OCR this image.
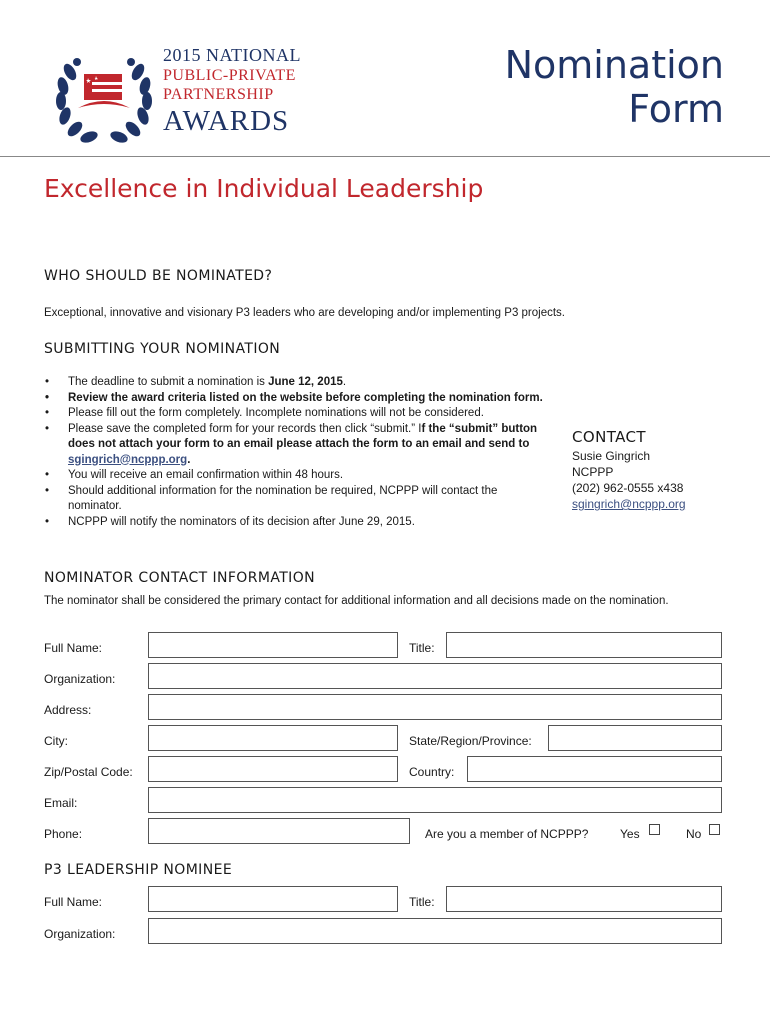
2015 NATIONAL
PUBLIC-PRIVATE
PARTNERSHIP
AWARDS
Nomination
Form
Excellence in Individual Leadership
WHO SHOULD BE NOMINATED?
Exceptional, innovative and visionary P3 leaders who are developing and/or implementing P3 projects.
SUBMITTING YOUR NOMINATION
• The deadline to submit a nomination is June 12, 2015.
• Review the award criteria listed on the website before completing the nomination form.
• Please fill out the form completely. Incomplete nominations will not be considered.
• Please save the completed form for your records then click “submit.” If the “submit” button does not attach your form to an email please attach the form to an email and send to sgingrich@ncppp.org.
• You will receive an email confirmation within 48 hours.
• Should additional information for the nomination be required, NCPPP will contact the nominator.
• NCPPP will notify the nominators of its decision after June 29, 2015.
CONTACT
Susie Gingrich
NCPPP
(202) 962-0555 x438
sgingrich@ncppp.org
NOMINATOR CONTACT INFORMATION
The nominator shall be considered the primary contact for additional information and all decisions made on the nomination.
Full Name:	Title:
Organization:
Address:
City:	State/Region/Province:
Zip/Postal Code:	Country:
Email:
Phone:	Are you a member of NCPPP?	Yes	No
P3 LEADERSHIP NOMINEE
Full Name:	Title:
Organization:
